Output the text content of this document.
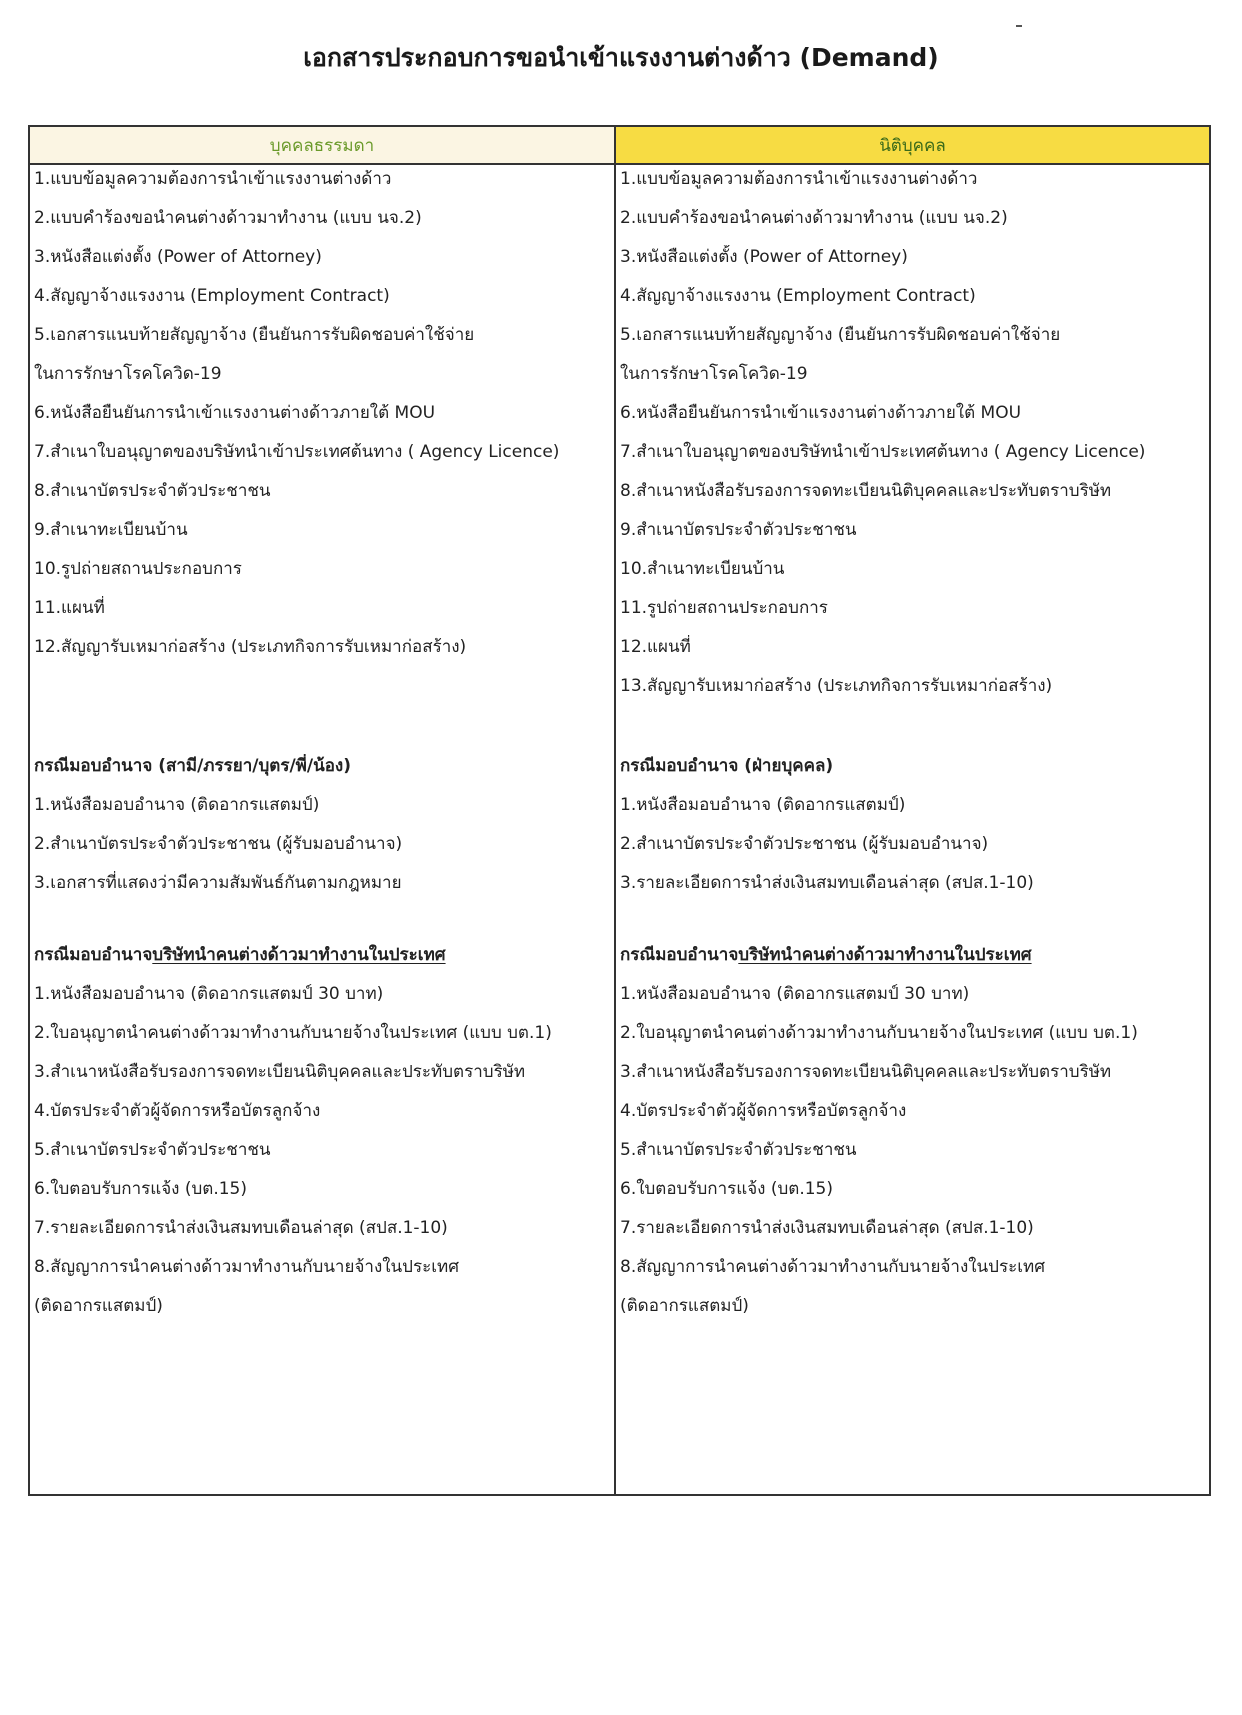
เอกสารประกอบการขอนำเข้าแรงงานต่างด้าว (Demand)
บุคคลธรรมดา
1.แบบข้อมูลความต้องการนำเข้าแรงงานต่างด้าว
2.แบบคำร้องขอนำคนต่างด้าวมาทำงาน (แบบ นจ.2)
3.หนังสือแต่งตั้ง (Power of Attorney)
4.สัญญาจ้างแรงงาน (Employment Contract)
5.เอกสารแนบท้ายสัญญาจ้าง (ยืนยันการรับผิดชอบค่าใช้จ่าย
ในการรักษาโรคโควิด-19
6.หนังสือยืนยันการนำเข้าแรงงานต่างด้าวภายใต้ MOU
7.สำเนาใบอนุญาตของบริษัทนำเข้าประเทศต้นทาง ( Agency Licence)
8.สำเนาบัตรประจำตัวประชาชน
9.สำเนาทะเบียนบ้าน
10.รูปถ่ายสถานประกอบการ
11.แผนที่
12.สัญญารับเหมาก่อสร้าง (ประเภทกิจการรับเหมาก่อสร้าง)
กรณีมอบอำนาจ (สามี/ภรรยา/บุตร/พี่/น้อง)
1.หนังสือมอบอำนาจ (ติดอากรแสตมป์)
2.สำเนาบัตรประจำตัวประชาชน (ผู้รับมอบอำนาจ)
3.เอกสารที่แสดงว่ามีความสัมพันธ์กันตามกฎหมาย
กรณีมอบอำนาจบริษัทนำคนต่างด้าวมาทำงานในประเทศ
1.หนังสือมอบอำนาจ (ติดอากรแสตมป์ 30 บาท)
2.ใบอนุญาตนำคนต่างด้าวมาทำงานกับนายจ้างในประเทศ (แบบ บต.1)
3.สำเนาหนังสือรับรองการจดทะเบียนนิติบุคคลและประทับตราบริษัท
4.บัตรประจำตัวผู้จัดการหรือบัตรลูกจ้าง
5.สำเนาบัตรประจำตัวประชาชน
6.ใบตอบรับการแจ้ง (บต.15)
7.รายละเอียดการนำส่งเงินสมทบเดือนล่าสุด (สปส.1-10)
8.สัญญาการนำคนต่างด้าวมาทำงานกับนายจ้างในประเทศ
(ติดอากรแสตมป์)
นิติบุคคล
1.แบบข้อมูลความต้องการนำเข้าแรงงานต่างด้าว
2.แบบคำร้องขอนำคนต่างด้าวมาทำงาน (แบบ นจ.2)
3.หนังสือแต่งตั้ง (Power of Attorney)
4.สัญญาจ้างแรงงาน (Employment Contract)
5.เอกสารแนบท้ายสัญญาจ้าง (ยืนยันการรับผิดชอบค่าใช้จ่าย
ในการรักษาโรคโควิด-19
6.หนังสือยืนยันการนำเข้าแรงงานต่างด้าวภายใต้ MOU
7.สำเนาใบอนุญาตของบริษัทนำเข้าประเทศต้นทาง ( Agency Licence)
8.สำเนาหนังสือรับรองการจดทะเบียนนิติบุคคลและประทับตราบริษัท
9.สำเนาบัตรประจำตัวประชาชน
10.สำเนาทะเบียนบ้าน
11.รูปถ่ายสถานประกอบการ
12.แผนที่
13.สัญญารับเหมาก่อสร้าง (ประเภทกิจการรับเหมาก่อสร้าง)
กรณีมอบอำนาจ (ฝ่ายบุคคล)
1.หนังสือมอบอำนาจ (ติดอากรแสตมป์)
2.สำเนาบัตรประจำตัวประชาชน (ผู้รับมอบอำนาจ)
3.รายละเอียดการนำส่งเงินสมทบเดือนล่าสุด (สปส.1-10)
กรณีมอบอำนาจบริษัทนำคนต่างด้าวมาทำงานในประเทศ
1.หนังสือมอบอำนาจ (ติดอากรแสตมป์ 30 บาท)
2.ใบอนุญาตนำคนต่างด้าวมาทำงานกับนายจ้างในประเทศ (แบบ บต.1)
3.สำเนาหนังสือรับรองการจดทะเบียนนิติบุคคลและประทับตราบริษัท
4.บัตรประจำตัวผู้จัดการหรือบัตรลูกจ้าง
5.สำเนาบัตรประจำตัวประชาชน
6.ใบตอบรับการแจ้ง (บต.15)
7.รายละเอียดการนำส่งเงินสมทบเดือนล่าสุด (สปส.1-10)
8.สัญญาการนำคนต่างด้าวมาทำงานกับนายจ้างในประเทศ
(ติดอากรแสตมป์)
